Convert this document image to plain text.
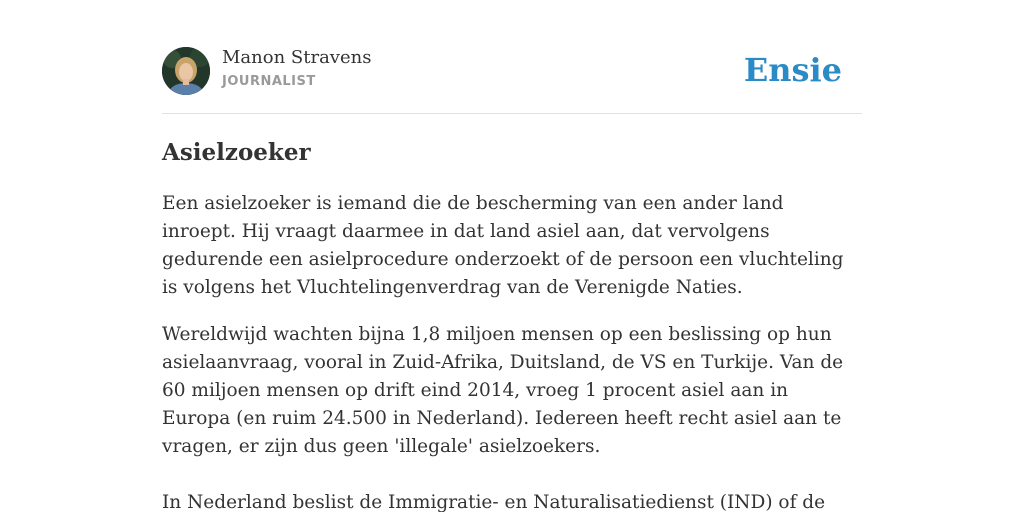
Manon Stravens
JOURNALIST	Ensie
Asielzoeker

Een asielzoeker is iemand die de bescherming van een ander land inroept. Hij vraagt daarmee in dat land asiel aan, dat vervolgens gedurende een asielprocedure onderzoekt of de persoon een vluchteling is volgens het Vluchtelingenverdrag van de Verenigde Naties.

Wereldwijd wachten bijna 1,8 miljoen mensen op een beslissing op hun asielaanvraag, vooral in Zuid-Afrika, Duitsland, de VS en Turkije. Van de 60 miljoen mensen op drift eind 2014, vroeg 1 procent asiel aan in Europa (en ruim 24.500 in Nederland). Iedereen heeft recht asiel aan te vragen, er zijn dus geen 'illegale' asielzoekers.

In Nederland beslist de Immigratie- en Naturalisatiedienst (IND) of de
